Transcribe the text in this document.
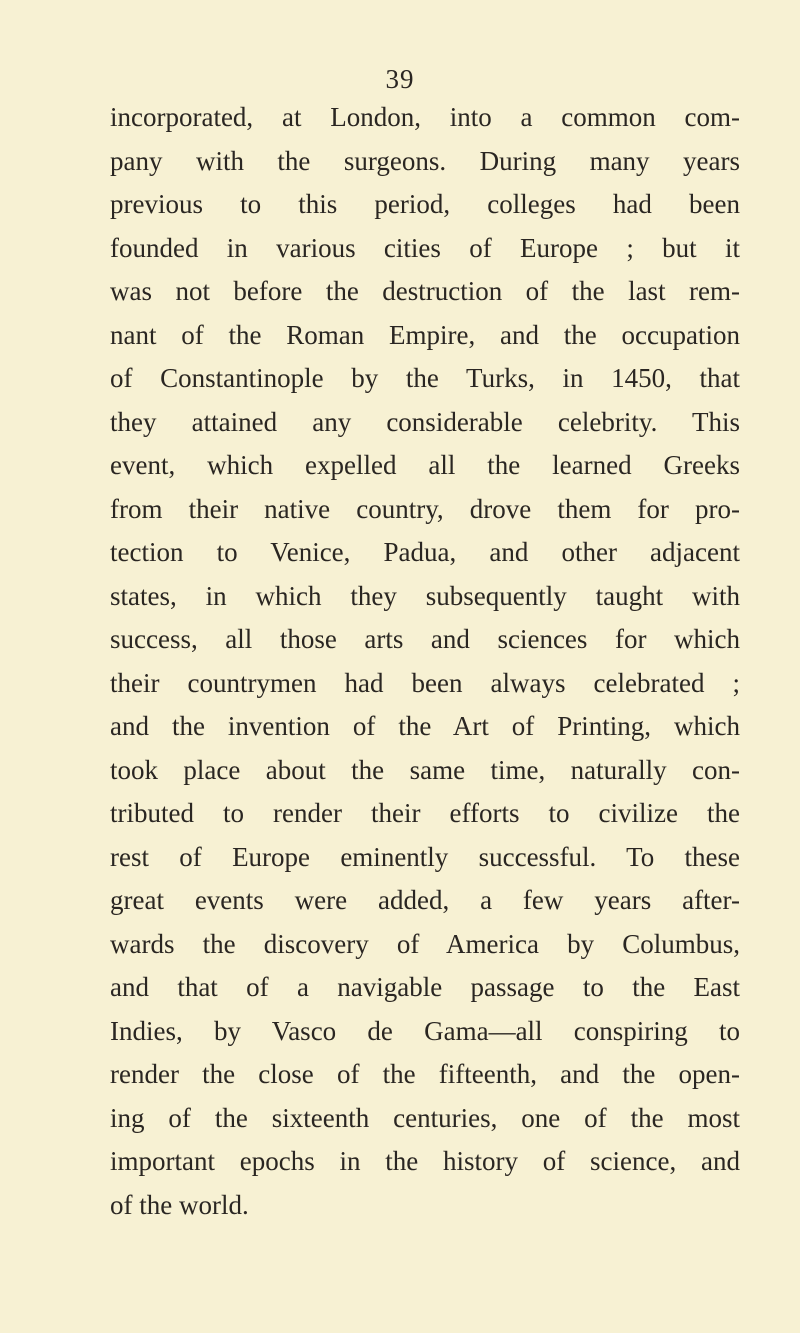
39
incorporated, at London, into a common com-
pany with the surgeons. During many years
previous to this period, colleges had been
founded in various cities of Europe ; but it
was not before the destruction of the last rem-
nant of the Roman Empire, and the occupation
of Constantinople by the Turks, in 1450, that
they attained any considerable celebrity. This
event, which expelled all the learned Greeks
from their native country, drove them for pro-
tection to Venice, Padua, and other adjacent
states, in which they subsequently taught with
success, all those arts and sciences for which
their countrymen had been always celebrated ;
and the invention of the Art of Printing, which
took place about the same time, naturally con-
tributed to render their efforts to civilize the
rest of Europe eminently successful. To these
great events were added, a few years after-
wards the discovery of America by Columbus,
and that of a navigable passage to the East
Indies, by Vasco de Gama—all conspiring to
render the close of the fifteenth, and the open-
ing of the sixteenth centuries, one of the most
important epochs in the history of science, and
of the world.
